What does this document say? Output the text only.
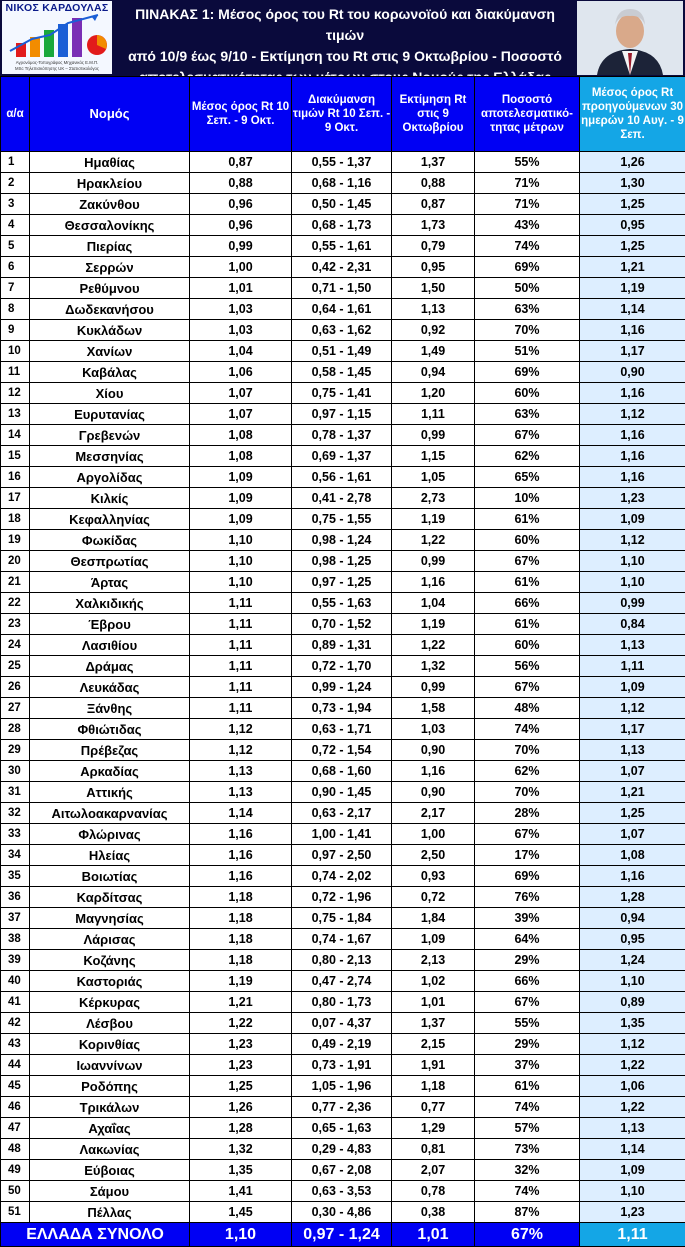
ΝΙΚΟΣ ΚΑΡΔΟΥΛΑΣ
Αγρονόμος-Τοπογράφος Μηχανικός Ε.Μ.Π.
MSc Τηλεπισκόπησης UK – Στατιστικολόγος
ΠΙΝΑΚΑΣ 1: Μέσος όρος του Rt του κορωνοϊού και διακύμανση τιμών
από 10/9 έως 9/10 - Εκτίμηση του Rt στις 9 Οκτωβρίου - Ποσοστό
α/α	Νομός	Μέσος όρος Rt 10 Σεπ. - 9 Οκτ.	Διακύμανση τιμών Rt 10 Σεπ. - 9 Οκτ.	Εκτίμηση Rt στις 9 Οκτωβρίου	Ποσοστό αποτελεσματικό-τητας μέτρων	Μέσος όρος Rt προηγούμενων 30 ημερών 10 Αυγ. - 9 Σεπ.
1	Ημαθίας	0,87	0,55 - 1,37	1,37	55%	1,26
2	Ηρακλείου	0,88	0,68 - 1,16	0,88	71%	1,30
3	Ζακύνθου	0,96	0,50 - 1,45	0,87	71%	1,25
4	Θεσσαλονίκης	0,96	0,68 - 1,73	1,73	43%	0,95
5	Πιερίας	0,99	0,55 - 1,61	0,79	74%	1,25
6	Σερρών	1,00	0,42 - 2,31	0,95	69%	1,21
7	Ρεθύμνου	1,01	0,71 - 1,50	1,50	50%	1,19
8	Δωδεκανήσου	1,03	0,64 - 1,61	1,13	63%	1,14
9	Κυκλάδων	1,03	0,63 - 1,62	0,92	70%	1,16
10	Χανίων	1,04	0,51 - 1,49	1,49	51%	1,17
11	Καβάλας	1,06	0,58 - 1,45	0,94	69%	0,90
12	Χίου	1,07	0,75 - 1,41	1,20	60%	1,16
13	Ευρυτανίας	1,07	0,97 - 1,15	1,11	63%	1,12
14	Γρεβενών	1,08	0,78 - 1,37	0,99	67%	1,16
15	Μεσσηνίας	1,08	0,69 - 1,37	1,15	62%	1,16
16	Αργολίδας	1,09	0,56 - 1,61	1,05	65%	1,16
17	Κιλκίς	1,09	0,41 - 2,78	2,73	10%	1,23
18	Κεφαλληνίας	1,09	0,75 - 1,55	1,19	61%	1,09
19	Φωκίδας	1,10	0,98 - 1,24	1,22	60%	1,12
20	Θεσπρωτίας	1,10	0,98 - 1,25	0,99	67%	1,10
21	Άρτας	1,10	0,97 - 1,25	1,16	61%	1,10
22	Χαλκιδικής	1,11	0,55 - 1,63	1,04	66%	0,99
23	Έβρου	1,11	0,70 - 1,52	1,19	61%	0,84
24	Λασιθίου	1,11	0,89 - 1,31	1,22	60%	1,13
25	Δράμας	1,11	0,72 - 1,70	1,32	56%	1,11
26	Λευκάδας	1,11	0,99 - 1,24	0,99	67%	1,09
27	Ξάνθης	1,11	0,73 - 1,94	1,58	48%	1,12
28	Φθιώτιδας	1,12	0,63 - 1,71	1,03	74%	1,17
29	Πρέβεζας	1,12	0,72 - 1,54	0,90	70%	1,13
30	Αρκαδίας	1,13	0,68 - 1,60	1,16	62%	1,07
31	Αττικής	1,13	0,90 - 1,45	0,90	70%	1,21
32	Αιτωλοακαρνανίας	1,14	0,63 - 2,17	2,17	28%	1,25
33	Φλώρινας	1,16	1,00 - 1,41	1,00	67%	1,07
34	Ηλείας	1,16	0,97 - 2,50	2,50	17%	1,08
35	Βοιωτίας	1,16	0,74 - 2,02	0,93	69%	1,16
36	Καρδίτσας	1,18	0,72 - 1,96	0,72	76%	1,28
37	Μαγνησίας	1,18	0,75 - 1,84	1,84	39%	0,94
38	Λάρισας	1,18	0,74 - 1,67	1,09	64%	0,95
39	Κοζάνης	1,18	0,80 - 2,13	2,13	29%	1,24
40	Καστοριάς	1,19	0,47 - 2,74	1,02	66%	1,10
41	Κέρκυρας	1,21	0,80 - 1,73	1,01	67%	0,89
42	Λέσβου	1,22	0,07 - 4,37	1,37	55%	1,35
43	Κορινθίας	1,23	0,49 - 2,19	2,15	29%	1,12
44	Ιωαννίνων	1,23	0,73 - 1,91	1,91	37%	1,22
45	Ροδόπης	1,25	1,05 - 1,96	1,18	61%	1,06
46	Τρικάλων	1,26	0,77 - 2,36	0,77	74%	1,22
47	Αχαΐας	1,28	0,65 - 1,63	1,29	57%	1,13
48	Λακωνίας	1,32	0,29 - 4,83	0,81	73%	1,14
49	Εύβοιας	1,35	0,67 - 2,08	2,07	32%	1,09
50	Σάμου	1,41	0,63 - 3,53	0,78	74%	1,10
51	Πέλλας	1,45	0,30 - 4,86	0,38	87%	1,23
ΕΛΛΑΔΑ ΣΥΝΟΛΟ		1,10	0,97 - 1,24	1,01	67%	1,11
